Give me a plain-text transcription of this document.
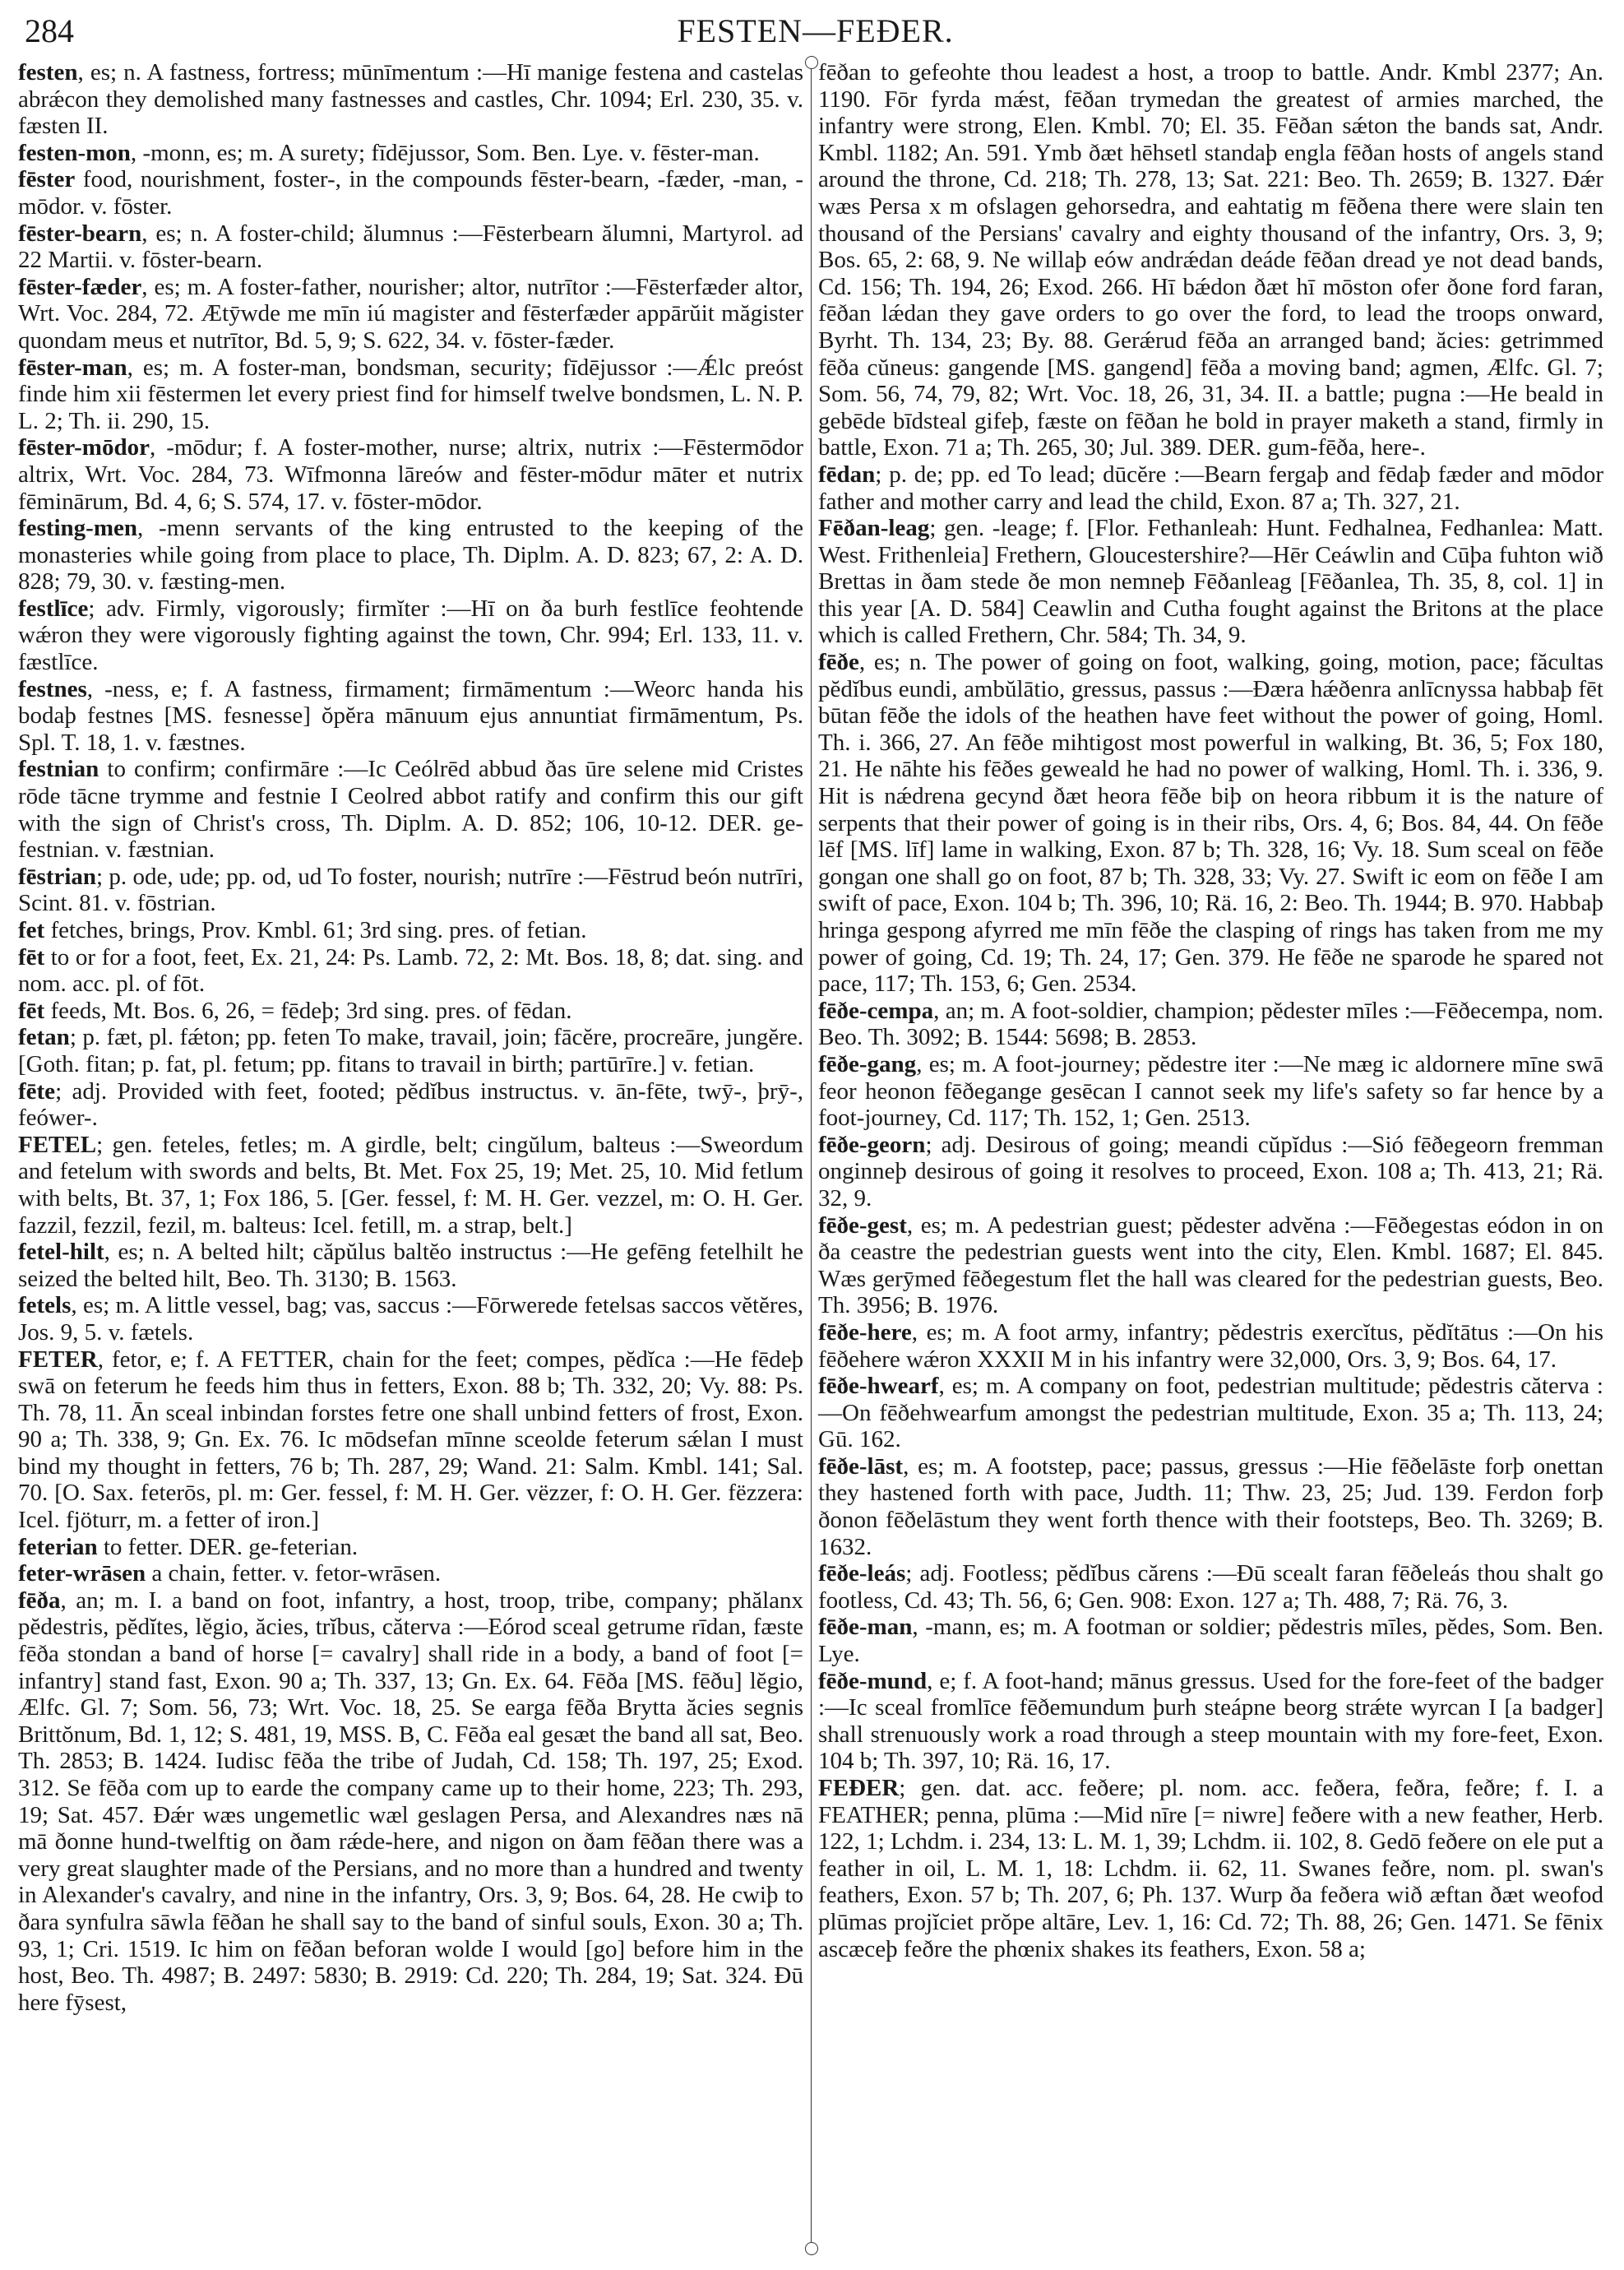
284	FESTEN—FEÐER.

festen, es; n. A fastness, fortress; mūnīmentum :—Hī manige festena and castelas abrǽcon they demolished many fastnesses and castles, Chr. 1094; Erl. 230, 35. v. fæsten II.

festen-mon, -monn, es; m. A surety; fīdējussor, Som. Ben. Lye. v. fēster-man.

fēster food, nourishment, foster-, in the compounds fēster-bearn, -fæder, -man, -mōdor. v. fōster.

fēster-bearn, es; n. A foster-child; ălumnus :—Fēsterbearn ălumni, Martyrol. ad 22 Martii. v. fōster-bearn.

fēster-fæder, es; m. A foster-father, nourisher; altor, nutrītor :—Fēsterfæder altor, Wrt. Voc. 284, 72. Ætȳwde me mīn iú magister and fēsterfæder appārŭit măgister quondam meus et nutrītor, Bd. 5, 9; S. 622, 34. v. fōster-fæder.

fēster-man, es; m. A foster-man, bondsman, security; fīdējussor :—Ǽlc preóst finde him xii fēstermen let every priest find for himself twelve bondsmen, L. N. P. L. 2; Th. ii. 290, 15.

fēster-mōdor, -mōdur; f. A foster-mother, nurse; altrix, nutrix :—Fēstermōdor altrix, Wrt. Voc. 284, 73. Wīfmonna lāreów and fēster-mōdur māter et nutrix fēminārum, Bd. 4, 6; S. 574, 17. v. fōster-mōdor.

festing-men, -menn servants of the king entrusted to the keeping of the monasteries while going from place to place, Th. Diplm. A. D. 823; 67, 2: A. D. 828; 79, 30. v. fæsting-men.

festlīce; adv. Firmly, vigorously; firmĭter :—Hī on ða burh festlīce feohtende wǽron they were vigorously fighting against the town, Chr. 994; Erl. 133, 11. v. fæstlīce.

festnes, -ness, e; f. A fastness, firmament; firmāmentum :—Weorc handa his bodaþ festnes [MS. fesnesse] ŏpĕra mānuum ejus annuntiat firmāmentum, Ps. Spl. T. 18, 1. v. fæstnes.

festnian to confirm; confirmāre :—Ic Ceólrēd abbud ðas ūre selene mid Cristes rōde tācne trymme and festnie I Ceolred abbot ratify and confirm this our gift with the sign of Christ's cross, Th. Diplm. A. D. 852; 106, 10-12. DER. ge-festnian. v. fæstnian.

fēstrian; p. ode, ude; pp. od, ud To foster, nourish; nutrīre :—Fēstrud beón nutrīri, Scint. 81. v. fōstrian.

fet fetches, brings, Prov. Kmbl. 61; 3rd sing. pres. of fetian.

fēt to or for a foot, feet, Ex. 21, 24: Ps. Lamb. 72, 2: Mt. Bos. 18, 8; dat. sing. and nom. acc. pl. of fōt.

fēt feeds, Mt. Bos. 6, 26, = fēdeþ; 3rd sing. pres. of fēdan.

fetan; p. fæt, pl. fǽton; pp. feten To make, travail, join; fācĕre, procreāre, jungĕre. [Goth. fitan; p. fat, pl. fetum; pp. fitans to travail in birth; partūrīre.] v. fetian.

fēte; adj. Provided with feet, footed; pĕdĭbus instructus. v. ān-fēte, twȳ-, þrȳ-, feówer-.

FETEL; gen. feteles, fetles; m. A girdle, belt; cingŭlum, balteus :—Sweordum and fetelum with swords and belts, Bt. Met. Fox 25, 19; Met. 25, 10. Mid fetlum with belts, Bt. 37, 1; Fox 186, 5. [Ger. fessel, f: M. H. Ger. vezzel, m: O. H. Ger. fazzil, fezzil, fezil, m. balteus: Icel. fetill, m. a strap, belt.]

fetel-hilt, es; n. A belted hilt; căpŭlus baltĕo instructus :—He gefēng fetelhilt he seized the belted hilt, Beo. Th. 3130; B. 1563.

fetels, es; m. A little vessel, bag; vas, saccus :—Fōrwerede fetelsas saccos vĕtĕres, Jos. 9, 5. v. fætels.

FETER, fetor, e; f. A FETTER, chain for the feet; compes, pĕdĭca :—He fēdeþ swā on feterum he feeds him thus in fetters, Exon. 88 b; Th. 332, 20; Vy. 88: Ps. Th. 78, 11. Ān sceal inbindan forstes fetre one shall unbind fetters of frost, Exon. 90 a; Th. 338, 9; Gn. Ex. 76. Ic mōdsefan mīnne sceolde feterum sǽlan I must bind my thought in fetters, 76 b; Th. 287, 29; Wand. 21: Salm. Kmbl. 141; Sal. 70. [O. Sax. feterōs, pl. m: Ger. fessel, f: M. H. Ger. vëzzer, f: O. H. Ger. fëzzera: Icel. fjöturr, m. a fetter of iron.]

feterian to fetter. DER. ge-feterian.

feter-wrāsen a chain, fetter. v. fetor-wrāsen.

fēða, an; m. I. a band on foot, infantry, a host, troop, tribe, company; phălanx pĕdestris, pĕdĭtes, lĕgio, ăcies, trĭbus, căterva :—Eórod sceal getrume rīdan, fæste fēða stondan a band of horse [= cavalry] shall ride in a body, a band of foot [= infantry] stand fast, Exon. 90 a; Th. 337, 13; Gn. Ex. 64. Fēða [MS. fēðu] lĕgio, Ælfc. Gl. 7; Som. 56, 73; Wrt. Voc. 18, 25. Se earga fēða Brytta ăcies segnis Brittŏnum, Bd. 1, 12; S. 481, 19, MSS. B, C. Fēða eal gesæt the band all sat, Beo. Th. 2853; B. 1424. Iudisc fēða the tribe of Judah, Cd. 158; Th. 197, 25; Exod. 312. Se fēða com up to earde the company came up to their home, 223; Th. 293, 19; Sat. 457. Ðǽr wæs ungemetlic wæl geslagen Persa, and Alexandres næs nā mā ðonne hund-twelftig on ðam rǽde-here, and nigon on ðam fēðan there was a very great slaughter made of the Persians, and no more than a hundred and twenty in Alexander's cavalry, and nine in the infantry, Ors. 3, 9; Bos. 64, 28. He cwiþ to ðara synfulra sāwla fēðan he shall say to the band of sinful souls, Exon. 30 a; Th. 93, 1; Cri. 1519. Ic him on fēðan beforan wolde I would [go] before him in the host, Beo. Th. 4987; B. 2497: 5830; B. 2919: Cd. 220; Th. 284, 19; Sat. 324. Ðū here fȳsest,

fēðan to gefeohte thou leadest a host, a troop to battle. Andr. Kmbl 2377; An. 1190. Fōr fyrda mǽst, fēðan trymedan the greatest of armies marched, the infantry were strong, Elen. Kmbl. 70; El. 35. Fēðan sǽton the bands sat, Andr. Kmbl. 1182; An. 591. Ymb ðæt hēhsetl standaþ engla fēðan hosts of angels stand around the throne, Cd. 218; Th. 278, 13; Sat. 221: Beo. Th. 2659; B. 1327. Ðǽr wæs Persa x m ofslagen gehorsedra, and eahtatig m fēðena there were slain ten thousand of the Persians' cavalry and eighty thousand of the infantry, Ors. 3, 9; Bos. 65, 2: 68, 9. Ne willaþ eów andrǽdan deáde fēðan dread ye not dead bands, Cd. 156; Th. 194, 26; Exod. 266. Hī bǽdon ðæt hī mōston ofer ðone ford faran, fēðan lǽdan they gave orders to go over the ford, to lead the troops onward, Byrht. Th. 134, 23; By. 88. Gerǽrud fēða an arranged band; ăcies: getrimmed fēða cŭneus: gangende [MS. gangend] fēða a moving band; agmen, Ælfc. Gl. 7; Som. 56, 74, 79, 82; Wrt. Voc. 18, 26, 31, 34. II. a battle; pugna :—He beald in gebēde bīdsteal gifeþ, fæste on fēðan he bold in prayer maketh a stand, firmly in battle, Exon. 71 a; Th. 265, 30; Jul. 389. DER. gum-fēða, here-.

fēdan; p. de; pp. ed To lead; dūcĕre :—Bearn fergaþ and fēdaþ fæder and mōdor father and mother carry and lead the child, Exon. 87 a; Th. 327, 21.

Fēðan-leag; gen. -leage; f. [Flor. Fethanleah: Hunt. Fedhalnea, Fedhanlea: Matt. West. Frithenleia] Frethern, Gloucestershire?—Hēr Ceáwlin and Cūþa fuhton wið Brettas in ðam stede ðe mon nemneþ Fēðanleag [Fēðanlea, Th. 35, 8, col. 1] in this year [A. D. 584] Ceawlin and Cutha fought against the Britons at the place which is called Frethern, Chr. 584; Th. 34, 9.

fēðe, es; n. The power of going on foot, walking, going, motion, pace; făcultas pĕdĭbus eundi, ambŭlātio, gressus, passus :—Ðæra hǽðenra anlīcnyssa habbaþ fēt būtan fēðe the idols of the heathen have feet without the power of going, Homl. Th. i. 366, 27. An fēðe mihtigost most powerful in walking, Bt. 36, 5; Fox 180, 21. He nāhte his fēðes geweald he had no power of walking, Homl. Th. i. 336, 9. Hit is nǽdrena gecynd ðæt heora fēðe biþ on heora ribbum it is the nature of serpents that their power of going is in their ribs, Ors. 4, 6; Bos. 84, 44. On fēðe lēf [MS. līf] lame in walking, Exon. 87 b; Th. 328, 16; Vy. 18. Sum sceal on fēðe gongan one shall go on foot, 87 b; Th. 328, 33; Vy. 27. Swift ic eom on fēðe I am swift of pace, Exon. 104 b; Th. 396, 10; Rä. 16, 2: Beo. Th. 1944; B. 970. Habbaþ hringa gespong afyrred me mīn fēðe the clasping of rings has taken from me my power of going, Cd. 19; Th. 24, 17; Gen. 379. He fēðe ne sparode he spared not pace, 117; Th. 153, 6; Gen. 2534.

fēðe-cempa, an; m. A foot-soldier, champion; pĕdester mīles :—Fēðecempa, nom. Beo. Th. 3092; B. 1544: 5698; B. 2853.

fēðe-gang, es; m. A foot-journey; pĕdestre iter :—Ne mæg ic aldornere mīne swā feor heonon fēðegange gesēcan I cannot seek my life's safety so far hence by a foot-journey, Cd. 117; Th. 152, 1; Gen. 2513.

fēðe-georn; adj. Desirous of going; meandi cŭpĭdus :—Sió fēðegeorn fremman onginneþ desirous of going it resolves to proceed, Exon. 108 a; Th. 413, 21; Rä. 32, 9.

fēðe-gest, es; m. A pedestrian guest; pĕdester advĕna :—Fēðegestas eódon in on ða ceastre the pedestrian guests went into the city, Elen. Kmbl. 1687; El. 845. Wæs gerȳmed fēðegestum flet the hall was cleared for the pedestrian guests, Beo. Th. 3956; B. 1976.

fēðe-here, es; m. A foot army, infantry; pĕdestris exercĭtus, pĕdĭtātus :—On his fēðehere wǽron XXXII M in his infantry were 32,000, Ors. 3, 9; Bos. 64, 17.

fēðe-hwearf, es; m. A company on foot, pedestrian multitude; pĕdestris căterva :—On fēðehwearfum amongst the pedestrian multitude, Exon. 35 a; Th. 113, 24; Gū. 162.

fēðe-lāst, es; m. A footstep, pace; passus, gressus :—Hie fēðelāste forþ onettan they hastened forth with pace, Judth. 11; Thw. 23, 25; Jud. 139. Ferdon forþ ðonon fēðelāstum they went forth thence with their footsteps, Beo. Th. 3269; B. 1632.

fēðe-leás; adj. Footless; pĕdĭbus cărens :—Ðū scealt faran fēðeleás thou shalt go footless, Cd. 43; Th. 56, 6; Gen. 908: Exon. 127 a; Th. 488, 7; Rä. 76, 3.

fēðe-man, -mann, es; m. A footman or soldier; pĕdestris mīles, pĕdes, Som. Ben. Lye.

fēðe-mund, e; f. A foot-hand; mānus gressus. Used for the fore-feet of the badger :—Ic sceal fromlīce fēðemundum þurh steápne beorg strǽte wyrcan I [a badger] shall strenuously work a road through a steep mountain with my fore-feet, Exon. 104 b; Th. 397, 10; Rä. 16, 17.

FEÐER; gen. dat. acc. feðere; pl. nom. acc. feðera, feðra, feðre; f. I. a FEATHER; penna, plūma :—Mid nīre [= niwre] feðere with a new feather, Herb. 122, 1; Lchdm. i. 234, 13: L. M. 1, 39; Lchdm. ii. 102, 8. Gedō feðere on ele put a feather in oil, L. M. 1, 18: Lchdm. ii. 62, 11. Swanes feðre, nom. pl. swan's feathers, Exon. 57 b; Th. 207, 6; Ph. 137. Wurp ða feðera wið æftan ðæt weofod plūmas projĭciet prŏpe altāre, Lev. 1, 16: Cd. 72; Th. 88, 26; Gen. 1471. Se fēnix ascæceþ feðre the phœnix shakes its feathers, Exon. 58 a;
